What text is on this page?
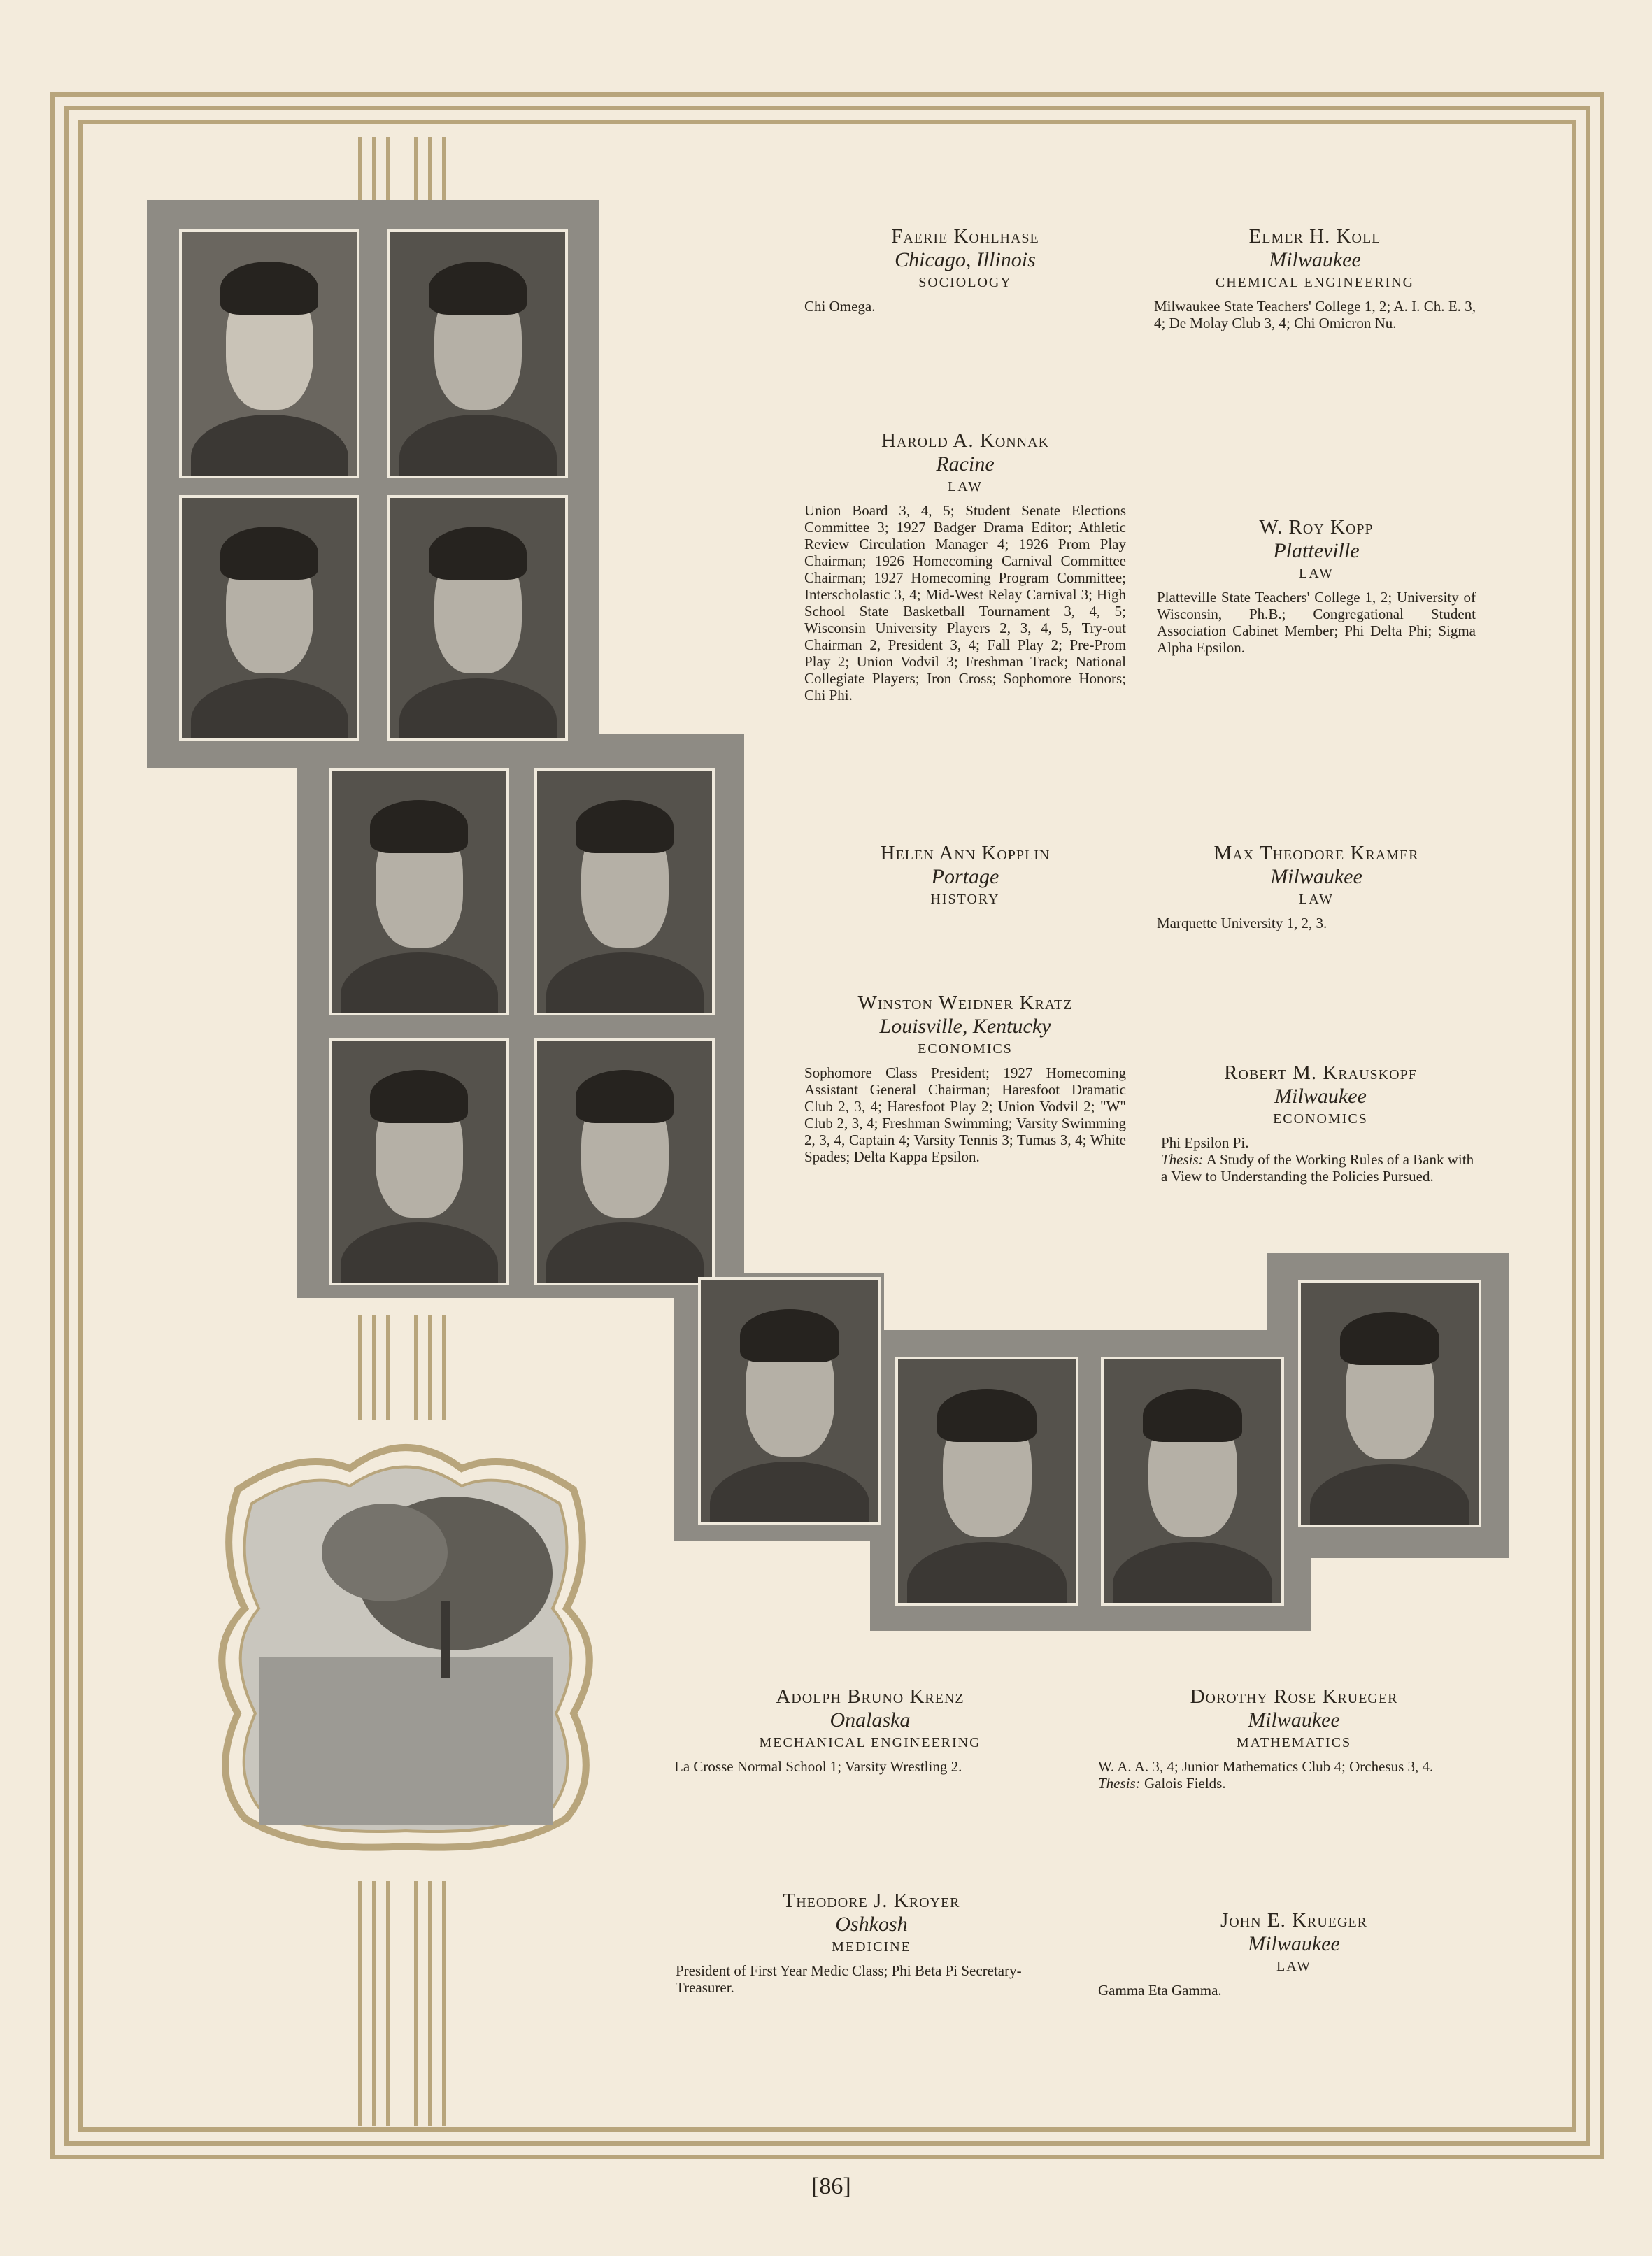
Faerie Kohlhase
Chicago, Illinois
SOCIOLOGY
Chi Omega.
Elmer H. Koll
Milwaukee
CHEMICAL ENGINEERING
Milwaukee State Teachers' College 1, 2; A. I. Ch. E. 3, 4; De Molay Club 3, 4; Chi Omicron Nu.
Harold A. Konnak
Racine
LAW
Union Board 3, 4, 5; Student Senate Elections Committee 3; 1927 Badger Drama Editor; Athletic Review Circulation Manager 4; 1926 Prom Play Chairman; 1926 Homecoming Carnival Committee Chairman; 1927 Homecoming Program Committee; Interscholastic 3, 4; Mid-West Relay Carnival 3; High School State Basketball Tournament 3, 4, 5; Wisconsin University Players 2, 3, 4, 5, Try-out Chairman 2, President 3, 4; Fall Play 2; Pre-Prom Play 2; Union Vodvil 3; Freshman Track; National Collegiate Players; Iron Cross; Sophomore Honors; Chi Phi.
W. Roy Kopp
Platteville
LAW
Platteville State Teachers' College 1, 2; University of Wisconsin, Ph.B.; Congregational Student Association Cabinet Member; Phi Delta Phi; Sigma Alpha Epsilon.
Helen Ann Kopplin
Portage
HISTORY
Max Theodore Kramer
Milwaukee
LAW
Marquette University 1, 2, 3.
Winston Weidner Kratz
Louisville, Kentucky
ECONOMICS
Sophomore Class President; 1927 Homecoming Assistant General Chairman; Haresfoot Dramatic Club 2, 3, 4; Haresfoot Play 2; Union Vodvil 2; "W" Club 2, 3, 4; Freshman Swimming; Varsity Swimming 2, 3, 4, Captain 4; Varsity Tennis 3; Tumas 3, 4; White Spades; Delta Kappa Epsilon.
Robert M. Krauskopf
Milwaukee
ECONOMICS
Phi Epsilon Pi.
Thesis: A Study of the Working Rules of a Bank with a View to Understanding the Policies Pursued.
Adolph Bruno Krenz
Onalaska
MECHANICAL ENGINEERING
La Crosse Normal School 1; Varsity Wrestling 2.
Dorothy Rose Krueger
Milwaukee
MATHEMATICS
W. A. A. 3, 4; Junior Mathematics Club 4; Orchesus 3, 4.
Thesis: Galois Fields.
Theodore J. Kroyer
Oshkosh
MEDICINE
President of First Year Medic Class; Phi Beta Pi Secretary-Treasurer.
John E. Krueger
Milwaukee
LAW
Gamma Eta Gamma.
[86]
